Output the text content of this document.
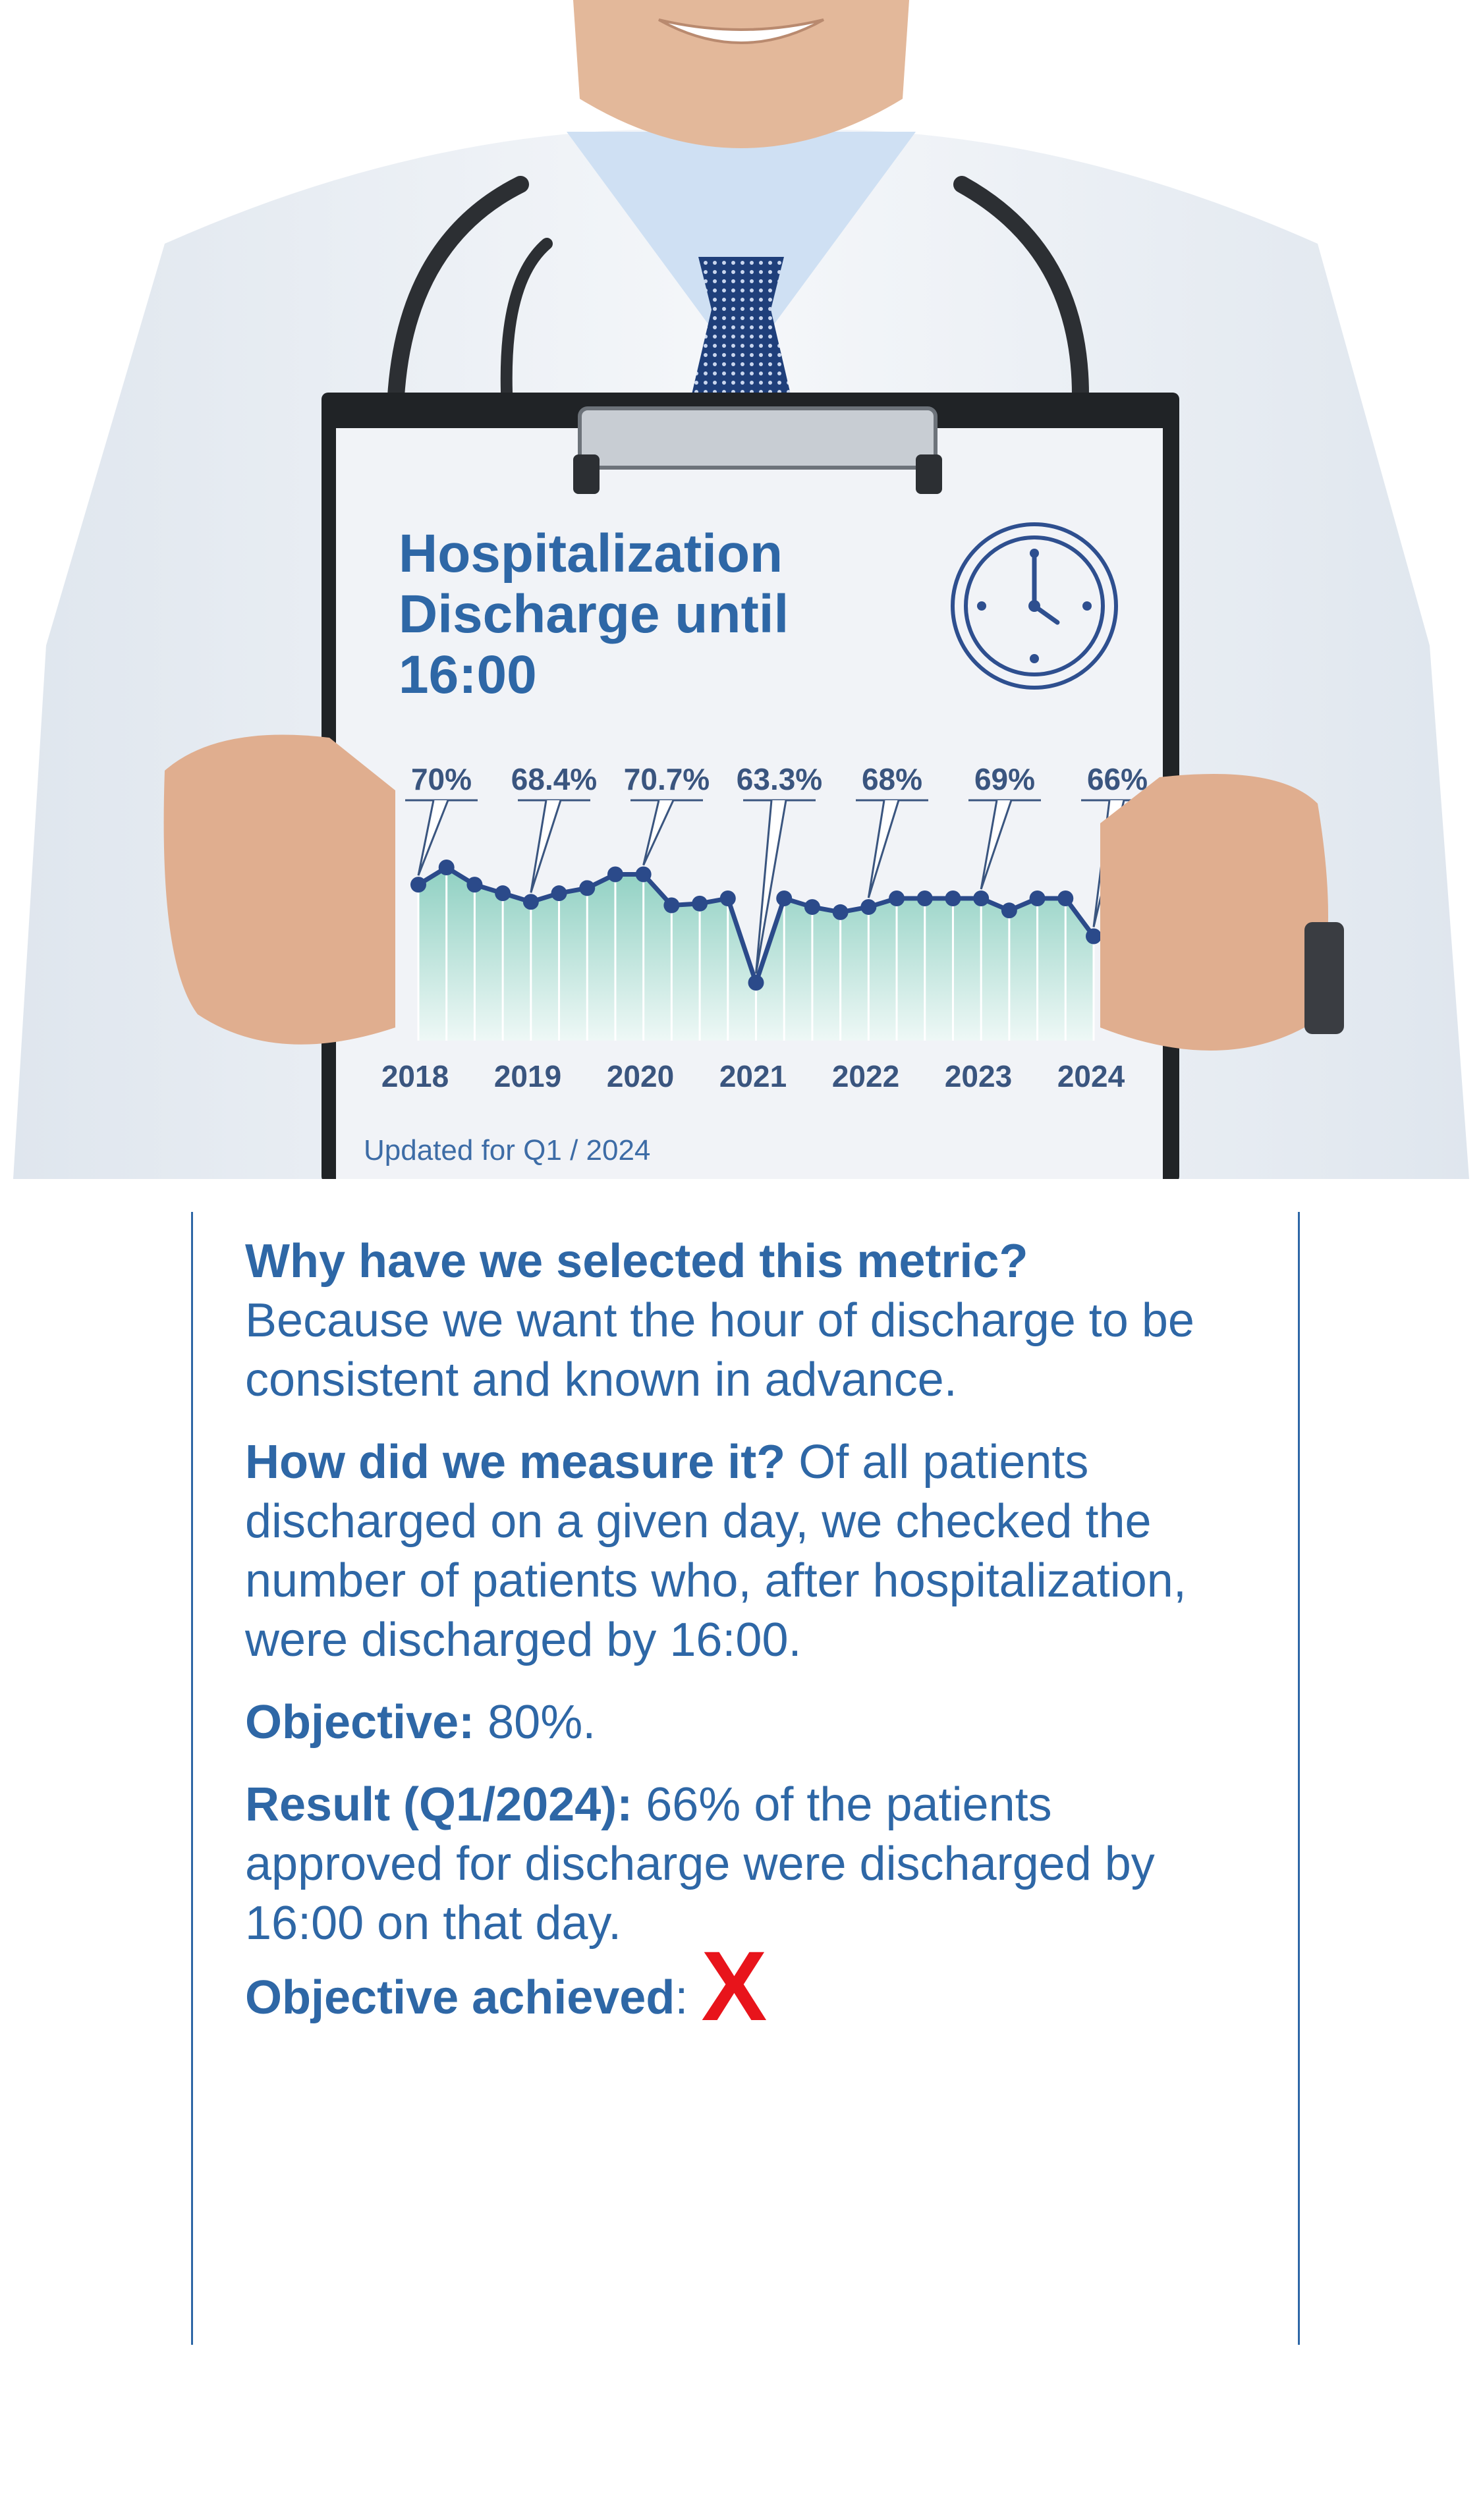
70% 68.4% 70.7% 63.3% 68% 69% 66%
2018 2019 2020 2021 2022 2023 2024
Hospitalization
Discharge until
16:00
Updated for Q1 / 2024

Why have we selected this metric?
Because we want the hour of discharge to be consistent and known in advance.

How did we measure it? Of all patients discharged on a given day, we checked the number of patients who, after hospitalization, were discharged by 16:00.

Objective: 80%.

Result (Q1/2024): 66% of the patients approved for discharge were discharged by 16:00 on that day.

Objective achieved: X
